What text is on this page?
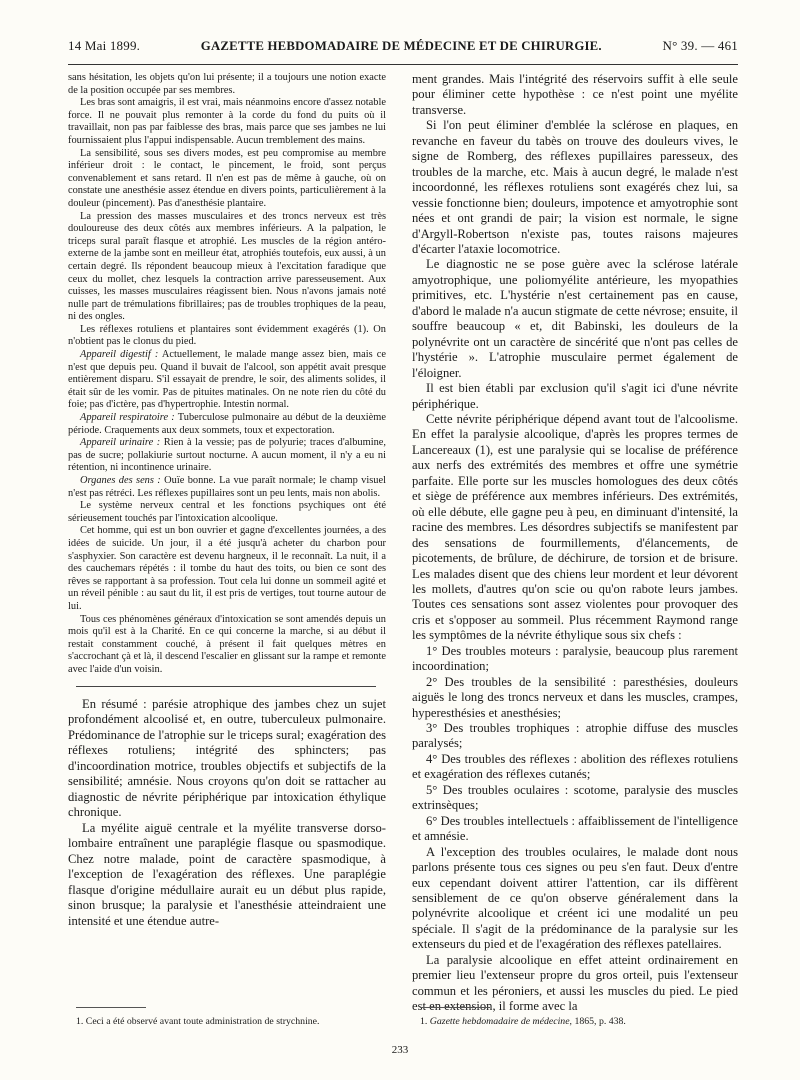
14 Mai 1899.	GAZETTE HEBDOMADAIRE DE MÉDECINE ET DE CHIRURGIE.	N° 39. — 461

sans hésitation, les objets qu'on lui présente; il a toujours une notion exacte de la position occupée par ses membres.

Les bras sont amaigris, il est vrai, mais néanmoins encore d'assez notable force. Il ne pouvait plus remonter à la corde du fond du puits où il travaillait, non pas par faiblesse des bras, mais parce que ses jambes ne lui fournissaient plus l'appui indispensable. Aucun tremblement des mains.

La sensibilité, sous ses divers modes, est peu compromise au membre inférieur droit : le contact, le pincement, le froid, sont perçus convenablement et sans retard. Il n'en est pas de même à gauche, où on constate une anesthésie assez étendue en divers points, particulièrement à la douleur (pincement). Pas d'anesthésie plantaire.

La pression des masses musculaires et des troncs nerveux est très douloureuse des deux côtés aux membres inférieurs. A la palpation, le triceps sural paraît flasque et atrophié. Les muscles de la région antéro-externe de la jambe sont en meilleur état, atrophiés toutefois, eux aussi, à un certain degré. Ils répondent beaucoup mieux à l'excitation faradique que ceux du mollet, chez lesquels la contraction arrive paresseusement. Aux cuisses, les masses musculaires réagissent bien. Nous n'avons jamais noté nulle part de trémulations fibrillaires; pas de troubles trophiques de la peau, ni des ongles.

Les réflexes rotuliens et plantaires sont évidemment exagérés (1). On n'obtient pas le clonus du pied.

Appareil digestif : Actuellement, le malade mange assez bien, mais ce n'est que depuis peu. Quand il buvait de l'alcool, son appétit avait presque entièrement disparu. S'il essayait de prendre, le soir, des aliments solides, il était sûr de les vomir. Pas de pituites matinales. On ne note rien du côté du foie; pas d'ictère, pas d'hypertrophie. Intestin normal.

Appareil respiratoire : Tuberculose pulmonaire au début de la deuxième période. Craquements aux deux sommets, toux et expectoration.

Appareil urinaire : Rien à la vessie; pas de polyurie; traces d'albumine, pas de sucre; pollakiurie surtout nocturne. A aucun moment, il n'y a eu ni rétention, ni incontinence urinaire.

Organes des sens : Ouïe bonne. La vue paraît normale; le champ visuel n'est pas rétréci. Les réflexes pupillaires sont un peu lents, mais non abolis.

Le système nerveux central et les fonctions psychiques ont été sérieusement touchés par l'intoxication alcoolique.

Cet homme, qui est un bon ouvrier et gagne d'excellentes journées, a des idées de suicide. Un jour, il a été jusqu'à acheter du charbon pour s'asphyxier. Son caractère est devenu hargneux, il le reconnaît. La nuit, il a des cauchemars répétés : il tombe du haut des toits, ou bien ce sont des rêves se rapportant à sa profession. Tout cela lui donne un sommeil agité et un réveil pénible : au saut du lit, il est pris de vertiges, tout tourne autour de lui.

Tous ces phénomènes généraux d'intoxication se sont amendés depuis un mois qu'il est à la Charité. En ce qui concerne la marche, si au début il restait constamment couché, à présent il fait quelques mètres en s'accrochant çà et là, il descend l'escalier en glissant sur la rampe et remonte avec l'aide d'un voisin.

En résumé : parésie atrophique des jambes chez un sujet profondément alcoolisé et, en outre, tuberculeux pulmonaire. Prédominance de l'atrophie sur le triceps sural; exagération des réflexes rotuliens; intégrité des sphincters; pas d'incoordination motrice, troubles objectifs et subjectifs de la sensibilité; amnésie. Nous croyons qu'on doit se rattacher au diagnostic de névrite périphérique par intoxication éthylique chronique.

La myélite aiguë centrale et la myélite transverse dorso-lombaire entraînent une paraplégie flasque ou spasmodique. Chez notre malade, point de caractère spasmodique, à l'exception de l'exagération des réflexes. Une paraplégie flasque d'origine médullaire aurait eu un début plus rapide, sinon brusque; la paralysie et l'anesthésie atteindraient une intensité et une étendue autre-

ment grandes. Mais l'intégrité des réservoirs suffit à elle seule pour éliminer cette hypothèse : ce n'est point une myélite transverse.

Si l'on peut éliminer d'emblée la sclérose en plaques, en revanche en faveur du tabès on trouve des douleurs vives, le signe de Romberg, des réflexes pupillaires paresseux, des troubles de la marche, etc. Mais à aucun degré, le malade n'est incoordonné, les réflexes rotuliens sont exagérés chez lui, sa vessie fonctionne bien; douleurs, impotence et amyotrophie sont nées et ont grandi de pair; la vision est normale, le signe d'Argyll-Robertson n'existe pas, toutes raisons majeures d'écarter l'ataxie locomotrice.

Le diagnostic ne se pose guère avec la sclérose latérale amyotrophique, une poliomyélite antérieure, les myopathies primitives, etc. L'hystérie n'est certainement pas en cause, d'abord le malade n'a aucun stigmate de cette névrose; ensuite, il souffre beaucoup « et, dit Babinski, les douleurs de la polynévrite ont un caractère de sincérité que n'ont pas celles de l'hystérie ». L'atrophie musculaire permet également de l'éloigner.

Il est bien établi par exclusion qu'il s'agit ici d'une névrite périphérique.

Cette névrite périphérique dépend avant tout de l'alcoolisme. En effet la paralysie alcoolique, d'après les propres termes de Lancereaux (1), est une paralysie qui se localise de préférence aux nerfs des extrémités des membres et offre une symétrie parfaite. Elle porte sur les muscles homologues des deux côtés et siège de préférence aux membres inférieurs. Des extrémités, où elle débute, elle gagne peu à peu, en diminuant d'intensité, la racine des membres. Les désordres subjectifs se manifestent par des sensations de fourmillements, d'élancements, de picotements, de brûlure, de déchirure, de torsion et de brisure. Les malades disent que des chiens leur mordent et leur dévorent les mollets, d'autres qu'on scie ou qu'on rabote leurs jambes. Toutes ces sensations sont assez violentes pour provoquer des cris et s'opposer au sommeil. Plus récemment Raymond range les symptômes de la névrite éthylique sous six chefs :

1° Des troubles moteurs : paralysie, beaucoup plus rarement incoordination;

2° Des troubles de la sensibilité : paresthésies, douleurs aiguës le long des troncs nerveux et dans les muscles, crampes, hyperesthésies et anesthésies;

3° Des troubles trophiques : atrophie diffuse des muscles paralysés;

4° Des troubles des réflexes : abolition des réflexes rotuliens et exagération des réflexes cutanés;

5° Des troubles oculaires : scotome, paralysie des muscles extrinsèques;

6° Des troubles intellectuels : affaiblissement de l'intelligence et amnésie.

A l'exception des troubles oculaires, le malade dont nous parlons présente tous ces signes ou peu s'en faut. Deux d'entre eux cependant doivent attirer l'attention, car ils diffèrent sensiblement de ce qu'on observe généralement dans la polynévrite alcoolique et créent ici une modalité un peu spéciale. Il s'agit de la prédominance de la paralysie sur les extenseurs du pied et de l'exagération des réflexes patellaires.

La paralysie alcoolique en effet atteint ordinairement en premier lieu l'extenseur propre du gros orteil, puis l'extenseur commun et les péroniers, et aussi les muscles du pied. Le pied est en extension, il forme avec la

1. Ceci a été observé avant toute administration de strychnine.	1. Gazette hebdomadaire de médecine, 1865, p. 438.
233
